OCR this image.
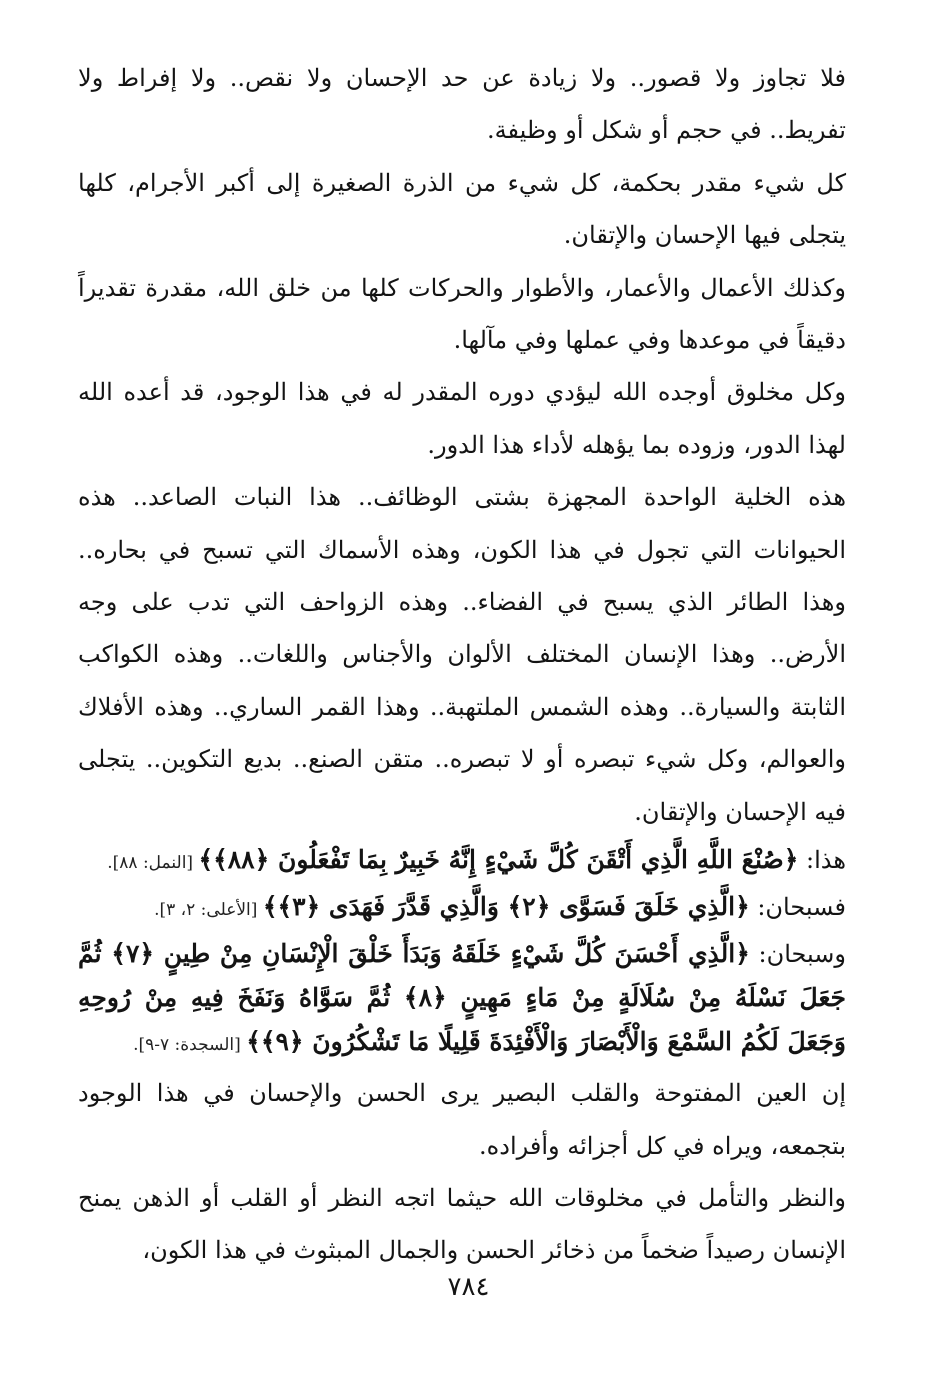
فلا تجاوز ولا قصور.. ولا زيادة عن حد الإحسان ولا نقص.. ولا إفراط ولا تفريط.. في حجم أو شكل أو وظيفة.

كل شيء مقدر بحكمة، كل شيء من الذرة الصغيرة إلى أكبر الأجرام، كلها يتجلى فيها الإحسان والإتقان.

وكذلك الأعمال والأعمار، والأطوار والحركات كلها من خلق الله، مقدرة تقديراً دقيقاً في موعدها وفي عملها وفي مآلها.

وكل مخلوق أوجده الله ليؤدي دوره المقدر له في هذا الوجود، قد أعده الله لهذا الدور، وزوده بما يؤهله لأداء هذا الدور.

هذه الخلية الواحدة المجهزة بشتى الوظائف.. هذا النبات الصاعد.. هذه الحيوانات التي تجول في هذا الكون، وهذه الأسماك التي تسبح في بحاره.. وهذا الطائر الذي يسبح في الفضاء.. وهذه الزواحف التي تدب على وجه الأرض.. وهذا الإنسان المختلف الألوان والأجناس واللغات.. وهذه الكواكب الثابتة والسيارة.. وهذه الشمس الملتهبة.. وهذا القمر الساري.. وهذه الأفلاك والعوالم، وكل شيء تبصره أو لا تبصره.. متقن الصنع.. بديع التكوين.. يتجلى فيه الإحسان والإتقان.

هذا: ﴿صُنْعَ اللَّهِ الَّذِي أَتْقَنَ كُلَّ شَيْءٍ إِنَّهُ خَبِيرٌ بِمَا تَفْعَلُونَ ﴿٨٨﴾﴾ [النمل: ٨٨].

فسبحان: ﴿الَّذِي خَلَقَ فَسَوَّى ﴿٢﴾ وَالَّذِي قَدَّرَ فَهَدَى ﴿٣﴾﴾ [الأعلى: ٢، ٣].

وسبحان: ﴿الَّذِي أَحْسَنَ كُلَّ شَيْءٍ خَلَقَهُ وَبَدَأَ خَلْقَ الْإِنْسَانِ مِنْ طِينٍ ﴿٧﴾ ثُمَّ جَعَلَ نَسْلَهُ مِنْ سُلَالَةٍ مِنْ مَاءٍ مَهِينٍ ﴿٨﴾ ثُمَّ سَوَّاهُ وَنَفَخَ فِيهِ مِنْ رُوحِهِ وَجَعَلَ لَكُمُ السَّمْعَ وَالْأَبْصَارَ وَالْأَفْئِدَةَ قَلِيلًا مَا تَشْكُرُونَ ﴿٩﴾﴾ [السجدة: ٧-٩].

إن العين المفتوحة والقلب البصير يرى الحسن والإحسان في هذا الوجود بتجمعه، ويراه في كل أجزائه وأفراده.

والنظر والتأمل في مخلوقات الله حيثما اتجه النظر أو القلب أو الذهن يمنح الإنسان رصيداً ضخماً من ذخائر الحسن والجمال المبثوث في هذا الكون،

٧٨٤
